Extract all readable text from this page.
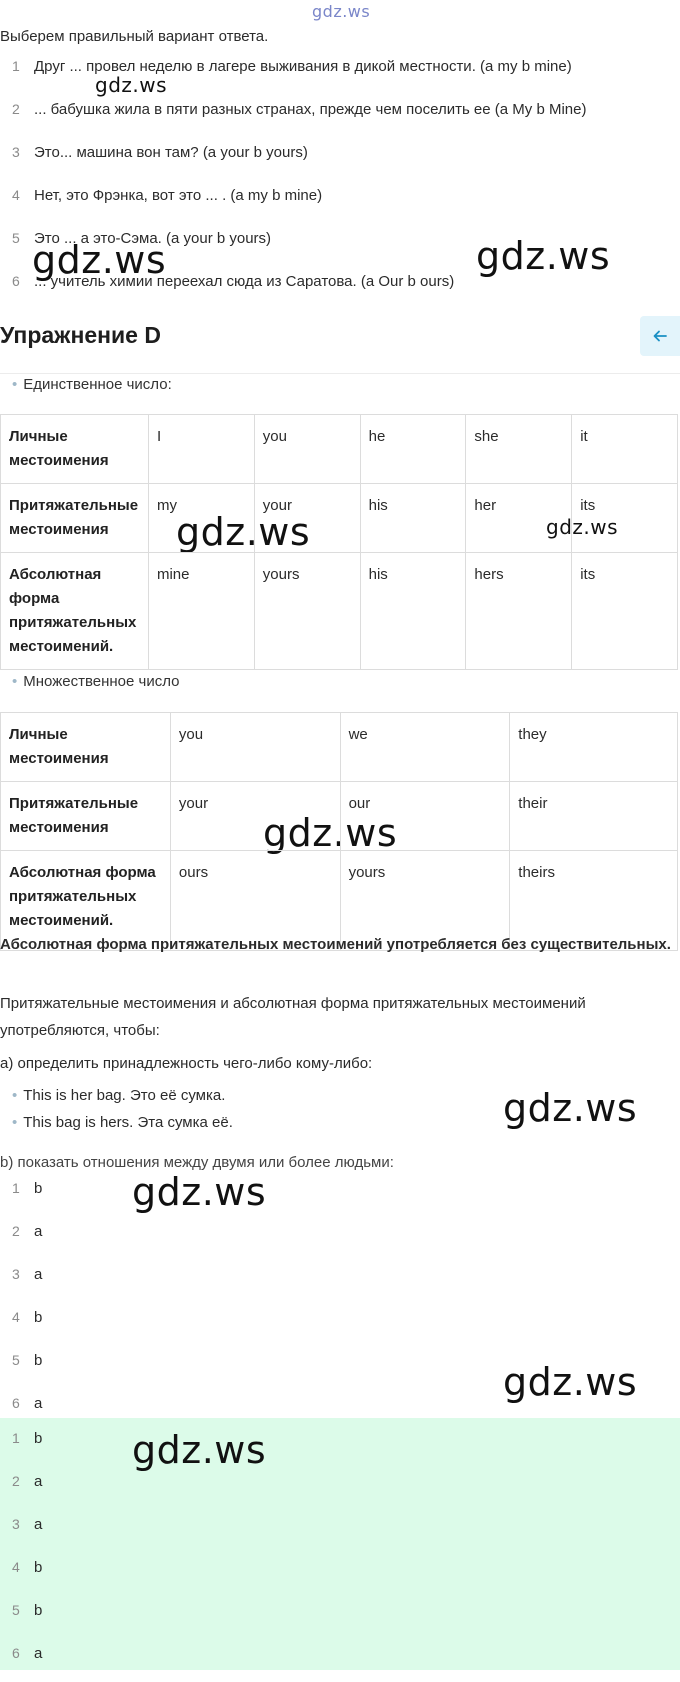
gdz.ws
gdz.ws
gdz.ws	gdz.ws
gdz.ws	gdz.ws
gdz.ws
gdz.ws
gdz.ws
gdz.ws
Выберем правильный вариант ответа.
1 Друг ... провел неделю в лагере выживания в дикой местности. (a my b mine)
2 ... бабушка жила в пяти разных странах, прежде чем поселить ее (a My b Mine)
3 Это... машина вон там? (a your b yours)
4 Нет, это Фрэнка, вот это ... . (a my b mine)
5 Это ... а это-Сэма. (a your b yours)
6 ... учитель химии переехал сюда из Саратова. (a Our b ours)
Упражнение D
• Единственное число:
Личные местоимения	I	you	he	she	it
Притяжательные местоимения	my	your	his	her	its
Абсолютная форма притяжательных местоимений.	mine	yours	his	hers	its
• Множественное число
Личные местоимения	you	we	they
Притяжательные местоимения	your	our	their
Абсолютная форма притяжательных местоимений.	ours	yours	theirs
Абсолютная форма притяжательных местоимений употребляется без существительных.
Притяжательные местоимения и абсолютная форма притяжательных местоимений употребляются, чтобы:
а) определить принадлежность чего-либо кому-либо:
• This is her bag. Это её сумка.
• This bag is hers. Эта сумка её.
b) показать отношения между двумя или более людьми:
1 b
2 a
3 a
4 b
5 b
6 a
1 b
2 a
3 a
4 b
5 b
6 a
gdz.ws
